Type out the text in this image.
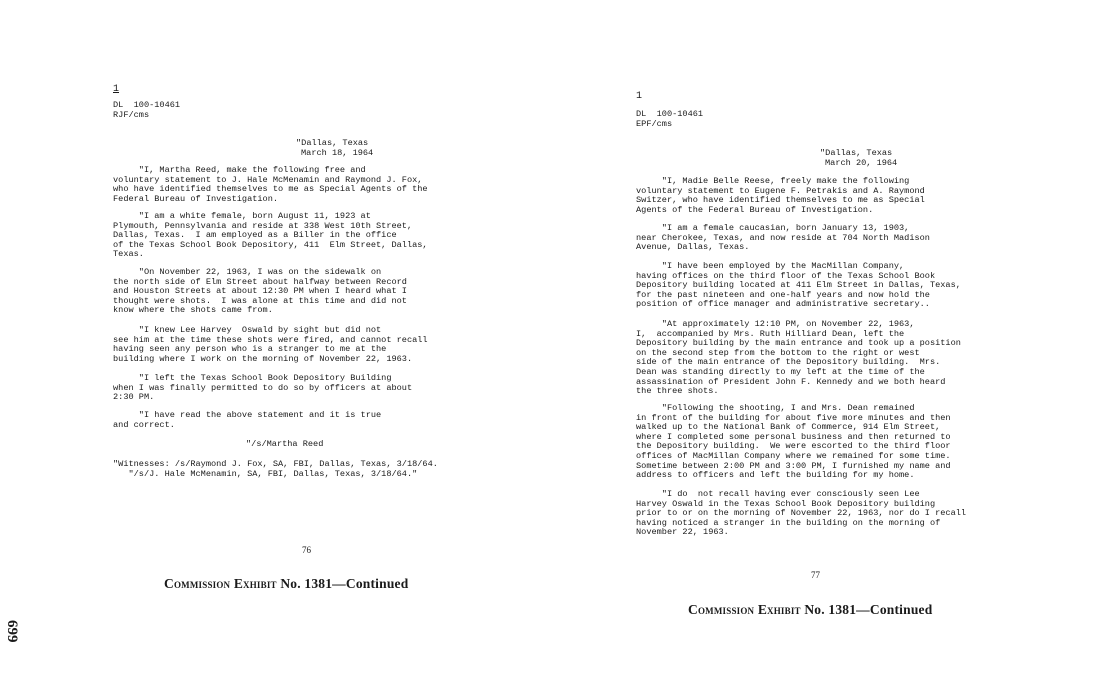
1
DL  100-10461
RJF/cms
"Dallas, Texas
March 18, 1964
"I, Martha Reed, make the following free and
voluntary statement to J. Hale McMenamin and Raymond J. Fox,
who have identified themselves to me as Special Agents of the
Federal Bureau of Investigation.
"I am a white female, born August 11, 1923 at
Plymouth, Pennsylvania and reside at 338 West 10th Street,
Dallas, Texas.  I am employed as a Biller in the office
of the Texas School Book Depository, 411  Elm Street, Dallas,
Texas.
"On November 22, 1963, I was on the sidewalk on
the north side of Elm Street about halfway between Record
and Houston Streets at about 12:30 PM when I heard what I
thought were shots.  I was alone at this time and did not
know where the shots came from.
"I knew Lee Harvey  Oswald by sight but did not
see him at the time these shots were fired, and cannot recall
having seen any person who is a stranger to me at the
building where I work on the morning of November 22, 1963.
"I left the Texas School Book Depository Building
when I was finally permitted to do so by officers at about
2:30 PM.
"I have read the above statement and it is true
and correct.
"/s/Martha Reed
"Witnesses: /s/Raymond J. Fox, SA, FBI, Dallas, Texas, 3/18/64.
"/s/J. Hale McMenamin, SA, FBI, Dallas, Texas, 3/18/64."
76
Commission Exhibit No. 1381—Continued
1
DL  100-10461
EPF/cms
"Dallas, Texas
March 20, 1964
"I, Madie Belle Reese, freely make the following
voluntary statement to Eugene F. Petrakis and A. Raymond
Switzer, who have identified themselves to me as Special
Agents of the Federal Bureau of Investigation.
"I am a female caucasian, born January 13, 1903,
near Cherokee, Texas, and now reside at 704 North Madison
Avenue, Dallas, Texas.
"I have been employed by the MacMillan Company,
having offices on the third floor of the Texas School Book
Depository building located at 411 Elm Street in Dallas, Texas,
for the past nineteen and one-half years and now hold the
position of office manager and administrative secretary..
"At approximately 12:10 PM, on November 22, 1963,
I,  accompanied by Mrs. Ruth Hilliard Dean, left the
Depository building by the main entrance and took up a position
on the second step from the bottom to the right or west
side of the main entrance of the Depository building.  Mrs.
Dean was standing directly to my left at the time of the
assassination of President John F. Kennedy and we both heard
the three shots.
"Following the shooting, I and Mrs. Dean remained
in front of the building for about five more minutes and then
walked up to the National Bank of Commerce, 914 Elm Street,
where I completed some personal business and then returned to
the Depository building.  We were escorted to the third floor
offices of MacMillan Company where we remained for some time.
Sometime between 2:00 PM and 3:00 PM, I furnished my name and
address to officers and left the building for my home.
"I do  not recall having ever consciously seen Lee
Harvey Oswald in the Texas School Book Depository building
prior to or on the morning of November 22, 1963, nor do I recall
having noticed a stranger in the building on the morning of
November 22, 1963.
77
Commission Exhibit No. 1381—Continued
699
